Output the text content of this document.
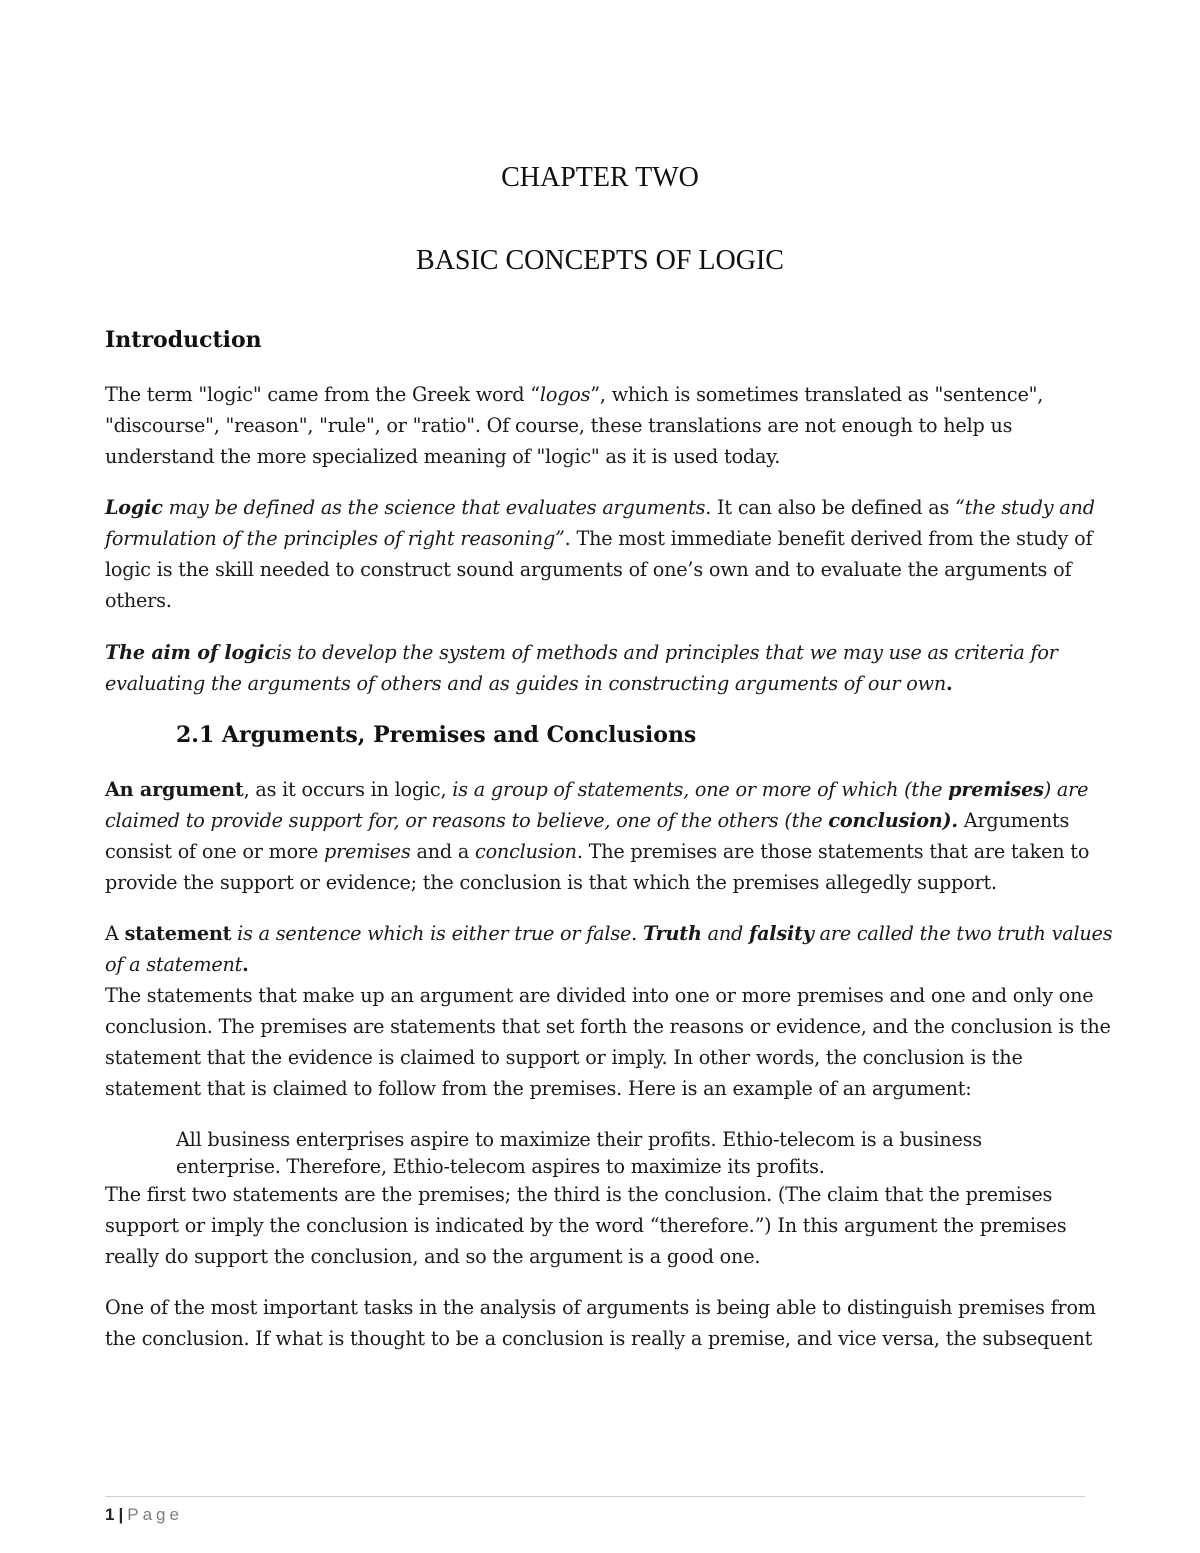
CHAPTER TWO
BASIC CONCEPTS OF LOGIC
Introduction
The term "logic" came from the Greek word “logos”, which is sometimes translated as "sentence",
"discourse", "reason", "rule", or "ratio". Of course, these translations are not enough to help us
understand the more specialized meaning of "logic" as it is used today.
Logic may be defined as the science that evaluates arguments. It can also be defined as “the study and
formulation of the principles of right reasoning”. The most immediate benefit derived from the study of
logic is the skill needed to construct sound arguments of one’s own and to evaluate the arguments of
others.
The aim of logicis to develop the system of methods and principles that we may use as criteria for
evaluating the arguments of others and as guides in constructing arguments of our own.
2.1 Arguments, Premises and Conclusions
An argument, as it occurs in logic, is a group of statements, one or more of which (the premises) are
claimed to provide support for, or reasons to believe, one of the others (the conclusion). Arguments
consist of one or more premises and a conclusion. The premises are those statements that are taken to
provide the support or evidence; the conclusion is that which the premises allegedly support.
A statement is a sentence which is either true or false. Truth and falsity are called the two truth values
of a statement.
The statements that make up an argument are divided into one or more premises and one and only one
conclusion. The premises are statements that set forth the reasons or evidence, and the conclusion is the
statement that the evidence is claimed to support or imply. In other words, the conclusion is the
statement that is claimed to follow from the premises. Here is an example of an argument:
All business enterprises aspire to maximize their profits. Ethio-telecom is a business
enterprise. Therefore, Ethio-telecom aspires to maximize its profits.
The first two statements are the premises; the third is the conclusion. (The claim that the premises
support or imply the conclusion is indicated by the word “therefore.”) In this argument the premises
really do support the conclusion, and so the argument is a good one.
One of the most important tasks in the analysis of arguments is being able to distinguish premises from
the conclusion. If what is thought to be a conclusion is really a premise, and vice versa, the subsequent
1 | Page
